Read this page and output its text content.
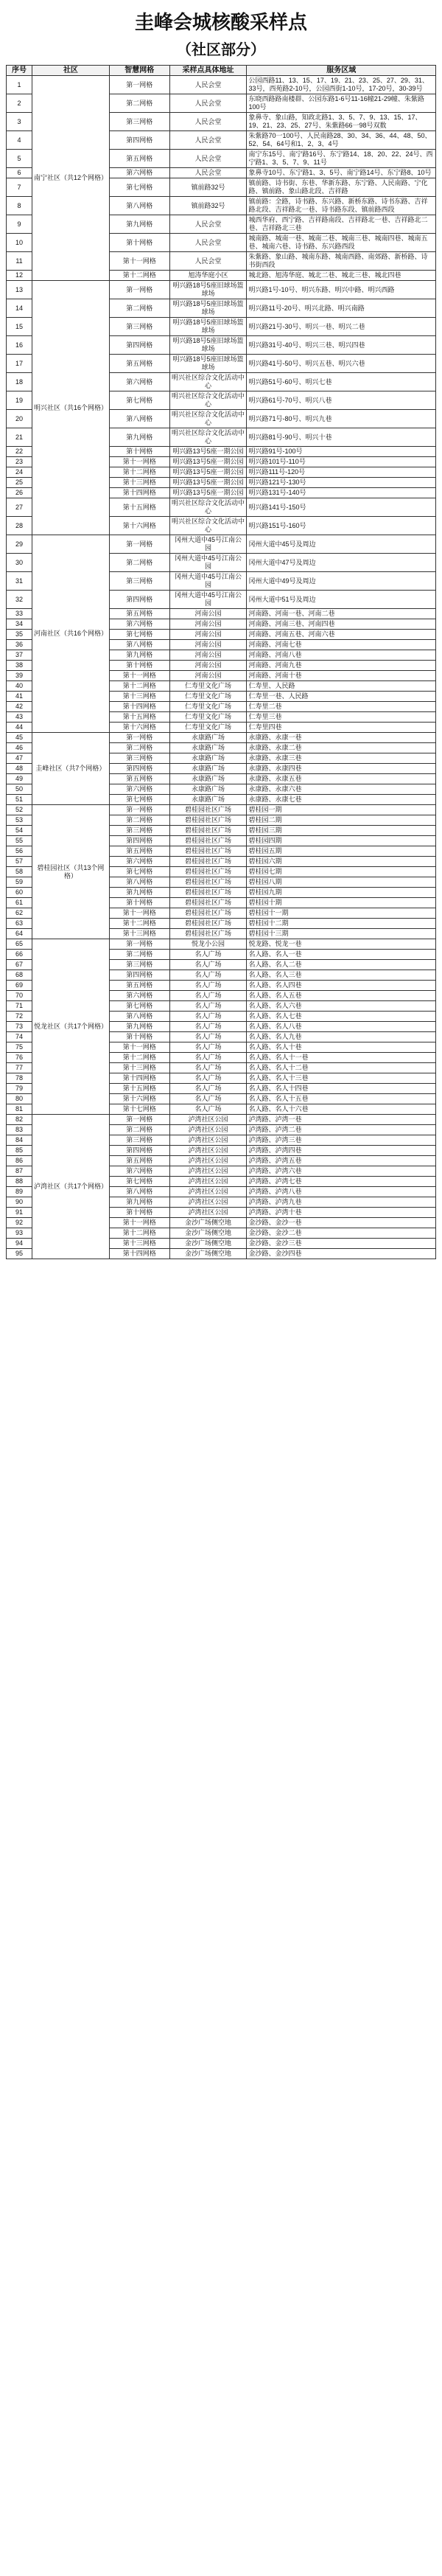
圭峰会城核酸采样点
（社区部分）
序号	社区	智慧网格	采样点具体地址	服务区域
1	南宁社区（共12个网格）	第一网格	人民会堂	公园西路11、13、15、17、19、21、23、25、27、29、31、33号，西苑路2-10号，公园西街1-10号，17-20号，30-39号
2		第二网格	人民会堂	东晓西路路南楼群、公园东路1-6号11-16幢21-29幢、朱紫路100号
3		第三网格	人民会堂	象鼻寺、象山路，知政北路1、3、5、7、9、13、15、17、19、21、23、25、27号、朱紫路66一98号双数
4		第四网格	人民会堂	朱紫路70一100号、人民南路28、30、34、36、44、48、50、52、54、64号和1、2、3、4号
5		第五网格	人民会堂	南宁东15号、南宁路16号、东宁路14、18、20、22、24号、西宁路1、3、5、7、9、11号
6		第六网格	人民会堂	象鼻寺10号、东宁路1、3、5号、南宁路14号、东宁路8、10号
7		第七网格	镇前路32号	镇前路、诗书街、东巷、华新东路、东宁路、人民南路、宁化路、镇前路、象山路北段、吉祥路
8		第八网格	镇前路32号	镇前路：全路，诗书路、东兴路、新桥东路、诗书东路、吉祥路北段、吉祥路北一巷、诗书路东段、镇前路西段
9		第九网格	人民会堂	城西华府、西宁路、吉祥路南段、吉祥路北一巷、吉祥路北二巷、吉祥路北三巷
10		第十网格	人民会堂	城南路、城南一巷、城南二巷、城南三巷、城南四巷、城南五巷、城南六巷、诗书路、东兴路西段
11		第十一网格	人民会堂	朱紫路、象山路、城南东路、城南西路、南郊路、新桥路、诗书街西段
12		第十二网格	旭涛华庭小区	城北路、旭涛华庭、城北二巷、城北三巷、城北四巷
13	明兴社区（共16个网格）	第一网格	明兴路18号5座旧球场篮球场	明兴路1号-10号、明兴东路、明兴中路、明兴西路
14		第二网格	明兴路18号5座旧球场篮球场	明兴路11号-20号、明兴北路、明兴南路
15		第三网格	明兴路18号5座旧球场篮球场	明兴路21号-30号、明兴一巷、明兴二巷
16		第四网格	明兴路18号5座旧球场篮球场	明兴路31号-40号、明兴三巷、明兴四巷
17		第五网格	明兴路18号5座旧球场篮球场	明兴路41号-50号、明兴五巷、明兴六巷
18		第六网格	明兴社区综合文化活动中心	明兴路51号-60号、明兴七巷
19		第七网格	明兴社区综合文化活动中心	明兴路61号-70号、明兴八巷
20		第八网格	明兴社区综合文化活动中心	明兴路71号-80号、明兴九巷
21		第九网格	明兴社区综合文化活动中心	明兴路81号-90号、明兴十巷
22		第十网格	明兴路13号5座一期公园	明兴路91号-100号
23		第十一网格	明兴路13号5座一期公园	明兴路101号-110号
24		第十二网格	明兴路13号5座一期公园	明兴路111号-120号
25		第十三网格	明兴路13号5座一期公园	明兴路121号-130号
26		第十四网格	明兴路13号5座一期公园	明兴路131号-140号
27		第十五网格	明兴社区综合文化活动中心	明兴路141号-150号
28		第十六网格	明兴社区综合文化活动中心	明兴路151号-160号
29	河南社区（共16个网格）	第一网格	冈州大道中45号江南公园	冈州大道中45号及周边
30		第二网格	冈州大道中45号江南公园	冈州大道中47号及周边
31		第三网格	冈州大道中45号江南公园	冈州大道中49号及周边
32		第四网格	冈州大道中45号江南公园	冈州大道中51号及周边
33		第五网格	河南公园	河南路、河南一巷、河南二巷
34		第六网格	河南公园	河南路、河南三巷、河南四巷
35		第七网格	河南公园	河南路、河南五巷、河南六巷
36		第八网格	河南公园	河南路、河南七巷
37		第九网格	河南公园	河南路、河南八巷
38		第十网格	河南公园	河南路、河南九巷
39		第十一网格	河南公园	河南路、河南十巷
40		第十二网格	仁寿里文化广场	仁寿里、人民路
41		第十三网格	仁寿里文化广场	仁寿里一巷、人民路
42		第十四网格	仁寿里文化广场	仁寿里二巷
43		第十五网格	仁寿里文化广场	仁寿里三巷
44		第十六网格	仁寿里文化广场	仁寿里四巷
45	圭峰社区（共7个网格）	第一网格	永康路广场	永康路、永康一巷
46		第二网格	永康路广场	永康路、永康二巷
47		第三网格	永康路广场	永康路、永康三巷
48		第四网格	永康路广场	永康路、永康四巷
49		第五网格	永康路广场	永康路、永康五巷
50		第六网格	永康路广场	永康路、永康六巷
51		第七网格	永康路广场	永康路、永康七巷
52	碧桂园社区（共13个网格）	第一网格	碧桂园社区广场	碧桂园一期
53		第二网格	碧桂园社区广场	碧桂园二期
54		第三网格	碧桂园社区广场	碧桂园三期
55		第四网格	碧桂园社区广场	碧桂园四期
56		第五网格	碧桂园社区广场	碧桂园五期
57		第六网格	碧桂园社区广场	碧桂园六期
58		第七网格	碧桂园社区广场	碧桂园七期
59		第八网格	碧桂园社区广场	碧桂园八期
60		第九网格	碧桂园社区广场	碧桂园九期
61		第十网格	碧桂园社区广场	碧桂园十期
62		第十一网格	碧桂园社区广场	碧桂园十一期
63		第十二网格	碧桂园社区广场	碧桂园十二期
64		第十三网格	碧桂园社区广场	碧桂园十三期
65	悦龙社区（共17个网格）	第一网格	悦龙小公园	悦龙路、悦龙一巷
66		第二网格	名人广场	名人路、名人一巷
67		第三网格	名人广场	名人路、名人二巷
68		第四网格	名人广场	名人路、名人三巷
69		第五网格	名人广场	名人路、名人四巷
70		第六网格	名人广场	名人路、名人五巷
71		第七网格	名人广场	名人路、名人六巷
72		第八网格	名人广场	名人路、名人七巷
73		第九网格	名人广场	名人路、名人八巷
74		第十网格	名人广场	名人路、名人九巷
75		第十一网格	名人广场	名人路、名人十巷
76		第十二网格	名人广场	名人路、名人十一巷
77		第十三网格	名人广场	名人路、名人十二巷
78		第十四网格	名人广场	名人路、名人十三巷
79		第十五网格	名人广场	名人路、名人十四巷
80		第十六网格	名人广场	名人路、名人十五巷
81		第十七网格	名人广场	名人路、名人十六巷
82	泸湾社区（共17个网格）	第一网格	泸湾社区公园	泸湾路、泸湾一巷
83		第二网格	泸湾社区公园	泸湾路、泸湾二巷
84		第三网格	泸湾社区公园	泸湾路、泸湾三巷
85		第四网格	泸湾社区公园	泸湾路、泸湾四巷
86		第五网格	泸湾社区公园	泸湾路、泸湾五巷
87		第六网格	泸湾社区公园	泸湾路、泸湾六巷
88		第七网格	泸湾社区公园	泸湾路、泸湾七巷
89		第八网格	泸湾社区公园	泸湾路、泸湾八巷
90		第九网格	泸湾社区公园	泸湾路、泸湾九巷
91		第十网格	泸湾社区公园	泸湾路、泸湾十巷
92		第十一网格	金沙广场侧空地	金沙路、金沙一巷
93		第十二网格	金沙广场侧空地	金沙路、金沙二巷
94		第十三网格	金沙广场侧空地	金沙路、金沙三巷
95		第十四网格	金沙广场侧空地	金沙路、金沙四巷
